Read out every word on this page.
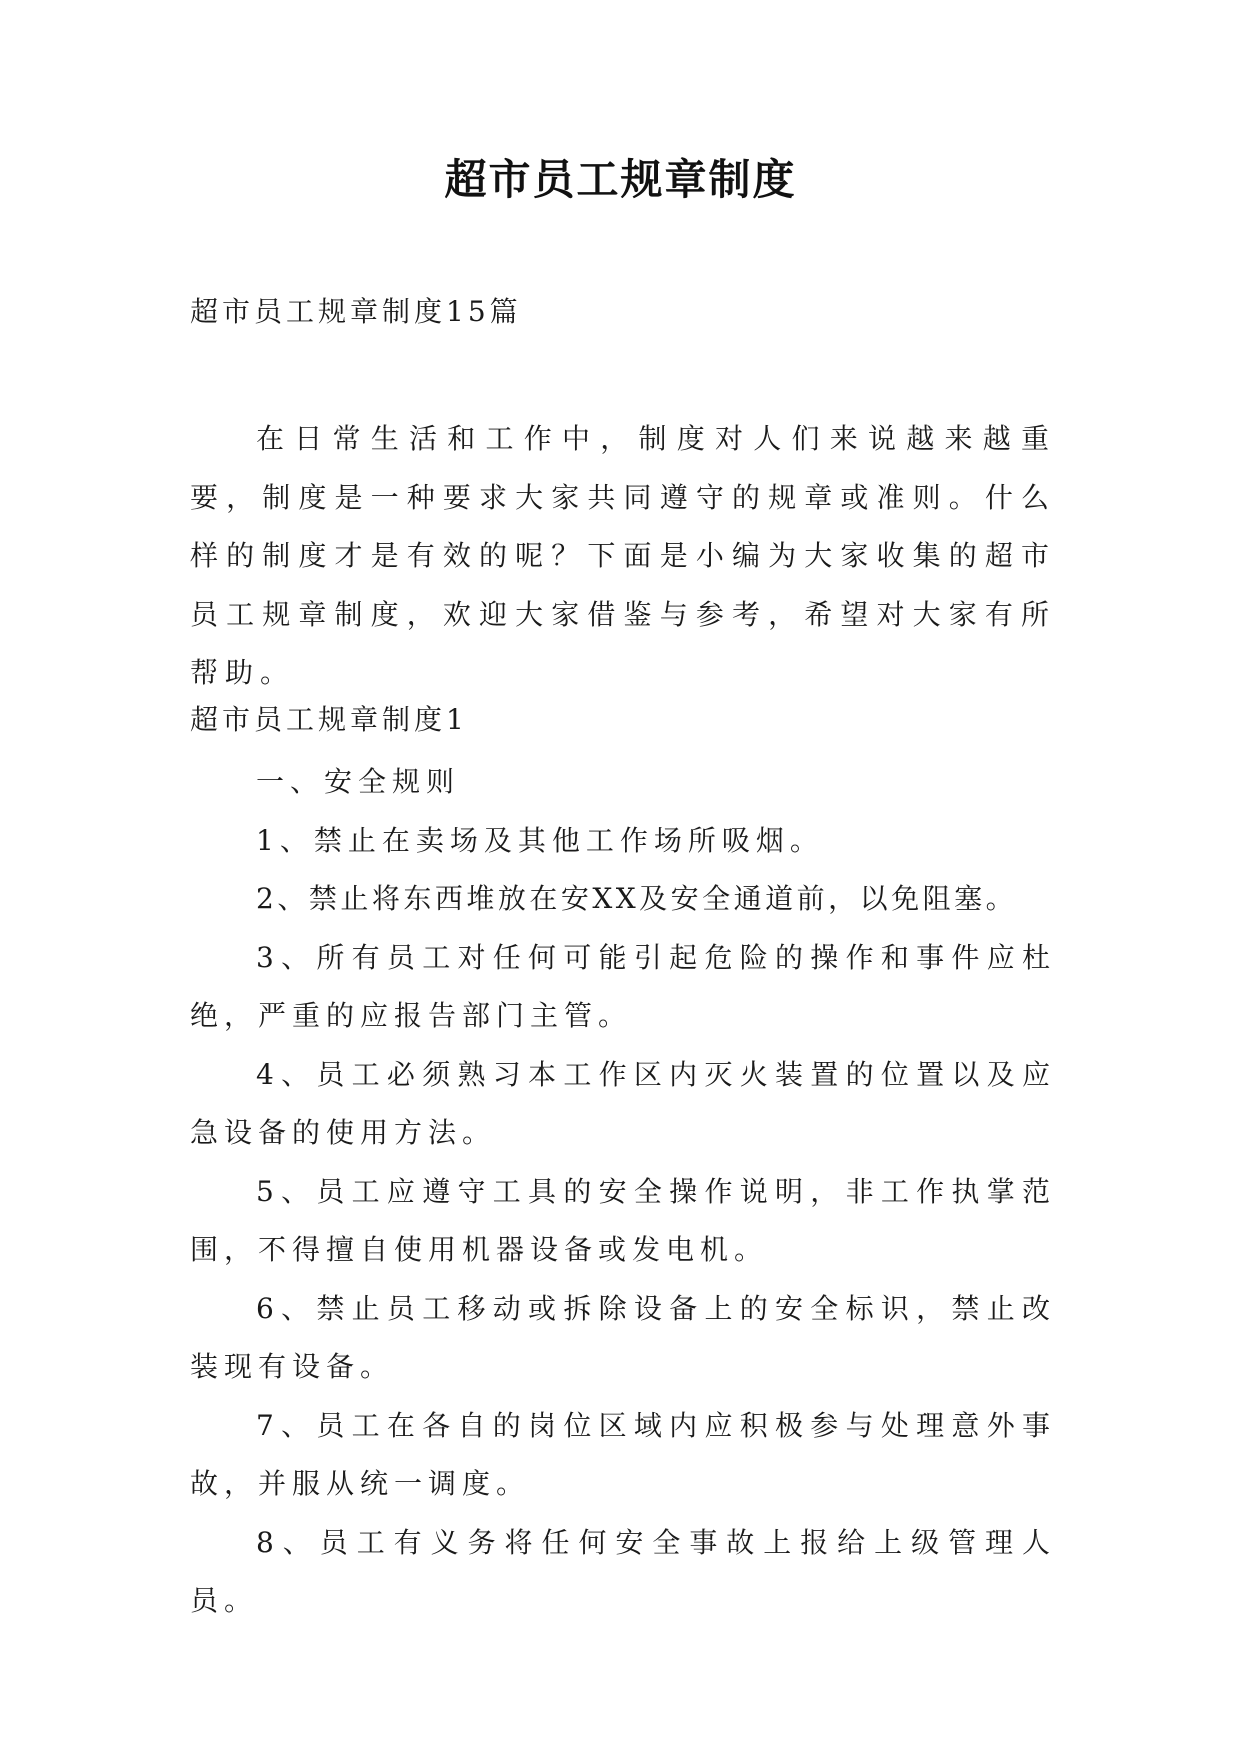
超市员工规章制度
超市员工规章制度15篇
在日常生活和工作中，制度对人们来说越来越重要，制度是一种要求大家共同遵守的规章或准则。什么样的制度才是有效的呢？下面是小编为大家收集的超市员工规章制度，欢迎大家借鉴与参考，希望对大家有所帮助。
超市员工规章制度1

一、安全规则

1、禁止在卖场及其他工作场所吸烟。

2、禁止将东西堆放在安XX及安全通道前，以免阻塞。

3、所有员工对任何可能引起危险的操作和事件应杜绝，严重的应报告部门主管。

4、员工必须熟习本工作区内灭火装置的位置以及应急设备的使用方法。

5、员工应遵守工具的安全操作说明，非工作执掌范围，不得擅自使用机器设备或发电机。

6、禁止员工移动或拆除设备上的安全标识，禁止改装现有设备。

7、员工在各自的岗位区域内应积极参与处理意外事故，并服从统一调度。

8、员工有义务将任何安全事故上报给上级管理人员。
